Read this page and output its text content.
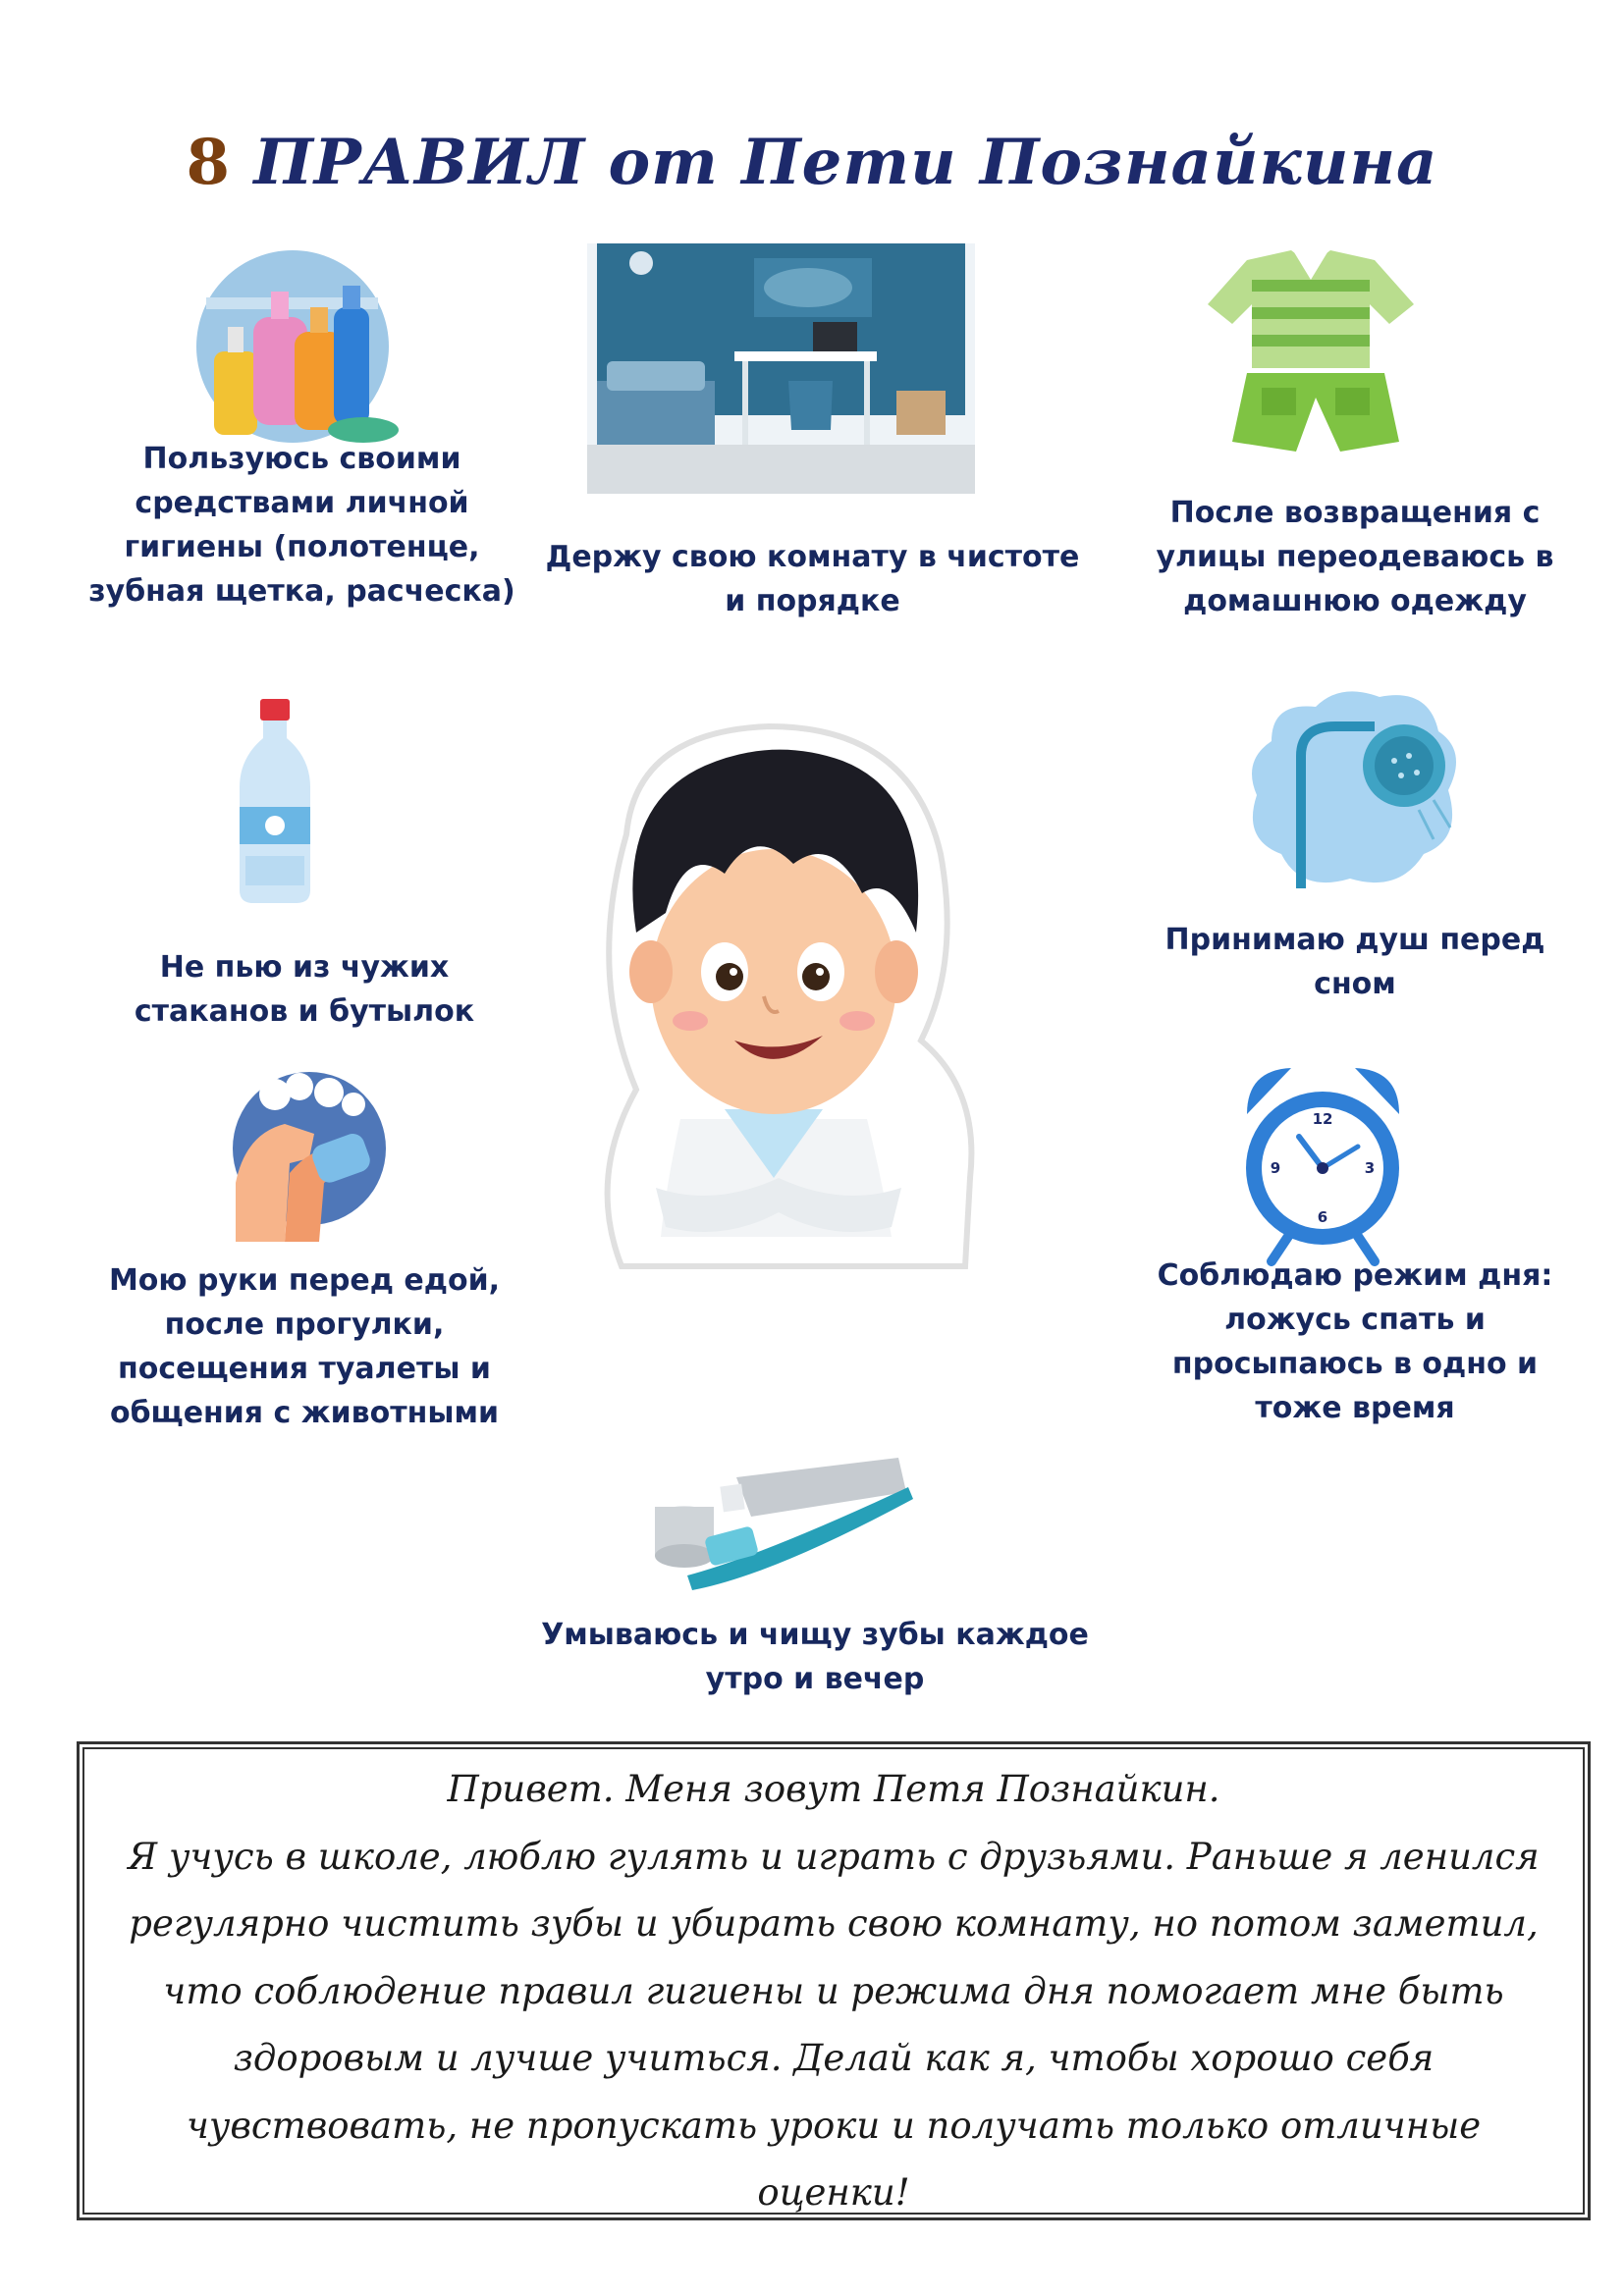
8 ПРАВИЛ от Пети Познайкина
Пользуюсь своими
средствами личной
гигиены (полотенце,
зубная щетка, расческа)
Держу свою комнату в чистоте
и порядке
После возвращения с
улицы переодеваюсь в
домашнюю одежду
Не пью из чужих
стаканов и бутылок
Принимаю душ перед
сном
Мою руки перед едой,
после прогулки,
посещения туалеты и
общения с животными
12
3
6
9
Соблюдаю режим дня:
ложусь спать и
просыпаюсь в одно и
тоже время
Умываюсь и чищу зубы каждое
утро и вечер
Привет. Меня зовут Петя Познайкин.
Я учусь в школе, люблю гулять и играть с друзьями. Раньше я ленился
регулярно чистить зубы и убирать свою комнату, но потом заметил,
что соблюдение правил гигиены и режима дня помогает мне быть
здоровым и лучше учиться. Делай как я, чтобы хорошо себя
чувствовать, не пропускать уроки и получать только отличные
оценки!
